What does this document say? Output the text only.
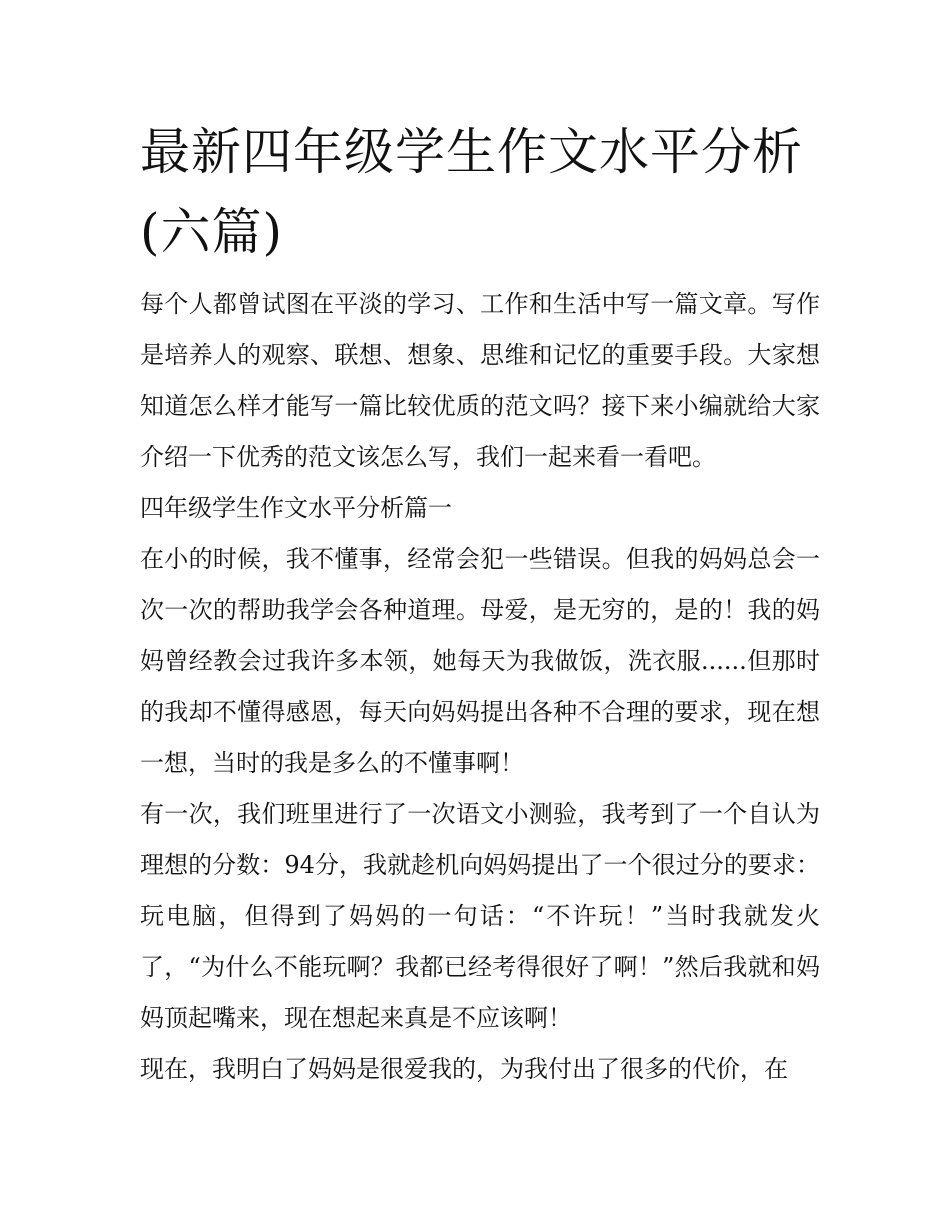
最新四年级学生作文水平分析(六篇)

每个人都曾试图在平淡的学习、工作和生活中写一篇文章。写作是培养人的观察、联想、想象、思维和记忆的重要手段。大家想知道怎么样才能写一篇比较优质的范文吗？接下来小编就给大家介绍一下优秀的范文该怎么写，我们一起来看一看吧。

四年级学生作文水平分析篇一

在小的时候，我不懂事，经常会犯一些错误。但我的妈妈总会一次一次的帮助我学会各种道理。母爱，是无穷的，是的！我的妈妈曾经教会过我许多本领，她每天为我做饭，洗衣服......但那时的我却不懂得感恩，每天向妈妈提出各种不合理的要求，现在想一想，当时的我是多么的不懂事啊！

有一次，我们班里进行了一次语文小测验，我考到了一个自认为理想的分数：94分，我就趁机向妈妈提出了一个很过分的要求：玩电脑，但得到了妈妈的一句话：“不许玩！”当时我就发火了，“为什么不能玩啊？我都已经考得很好了啊！”然后我就和妈妈顶起嘴来，现在想起来真是不应该啊！

现在，我明白了妈妈是很爱我的，为我付出了很多的代价，在
